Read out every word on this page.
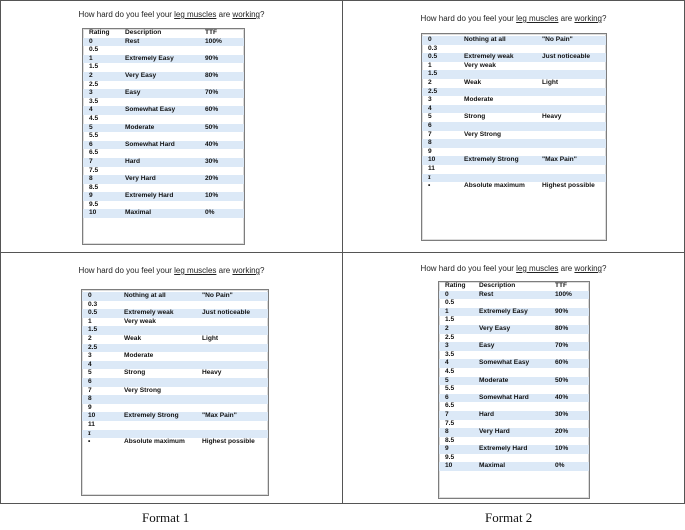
How hard do you feel your leg muscles are working?
Rating	Description	TTF
0	Rest	100%
0.5		
1	Extremely Easy	90%
1.5		
2	Very Easy	80%
2.5		
3	Easy	70%
3.5		
4	Somewhat Easy	60%
4.5		
5	Moderate	50%
5.5		
6	Somewhat Hard	40%
6.5		
7	Hard	30%
7.5		
8	Very Hard	20%
8.5		
9	Extremely Hard	10%
9.5		
10	Maximal	0%
How hard do you feel your leg muscles are working?
0	Nothing at all	"No Pain"
0.3		
0.5	Extremely weak	Just noticeable
1	Very weak	
1.5		
2	Weak	Light
2.5		
3	Moderate	
4		
5	Strong	Heavy
6		
7	Very Strong	
8		
9		
10	Extremely Strong	"Max Pain"
11		
ɪ		
•	Absolute maximum	Highest possible
How hard do you feel your leg muscles are working?
0	Nothing at all	"No Pain"
0.3		
0.5	Extremely weak	Just noticeable
1	Very weak	
1.5		
2	Weak	Light
2.5		
3	Moderate	
4		
5	Strong	Heavy
6		
7	Very Strong	
8		
9		
10	Extremely Strong	"Max Pain"
11		
ɪ		
•	Absolute maximum	Highest possible
How hard do you feel your leg muscles are working?
Rating	Description	TTF
0	Rest	100%
0.5		
1	Extremely Easy	90%
1.5		
2	Very Easy	80%
2.5		
3	Easy	70%
3.5		
4	Somewhat Easy	60%
4.5		
5	Moderate	50%
5.5		
6	Somewhat Hard	40%
6.5		
7	Hard	30%
7.5		
8	Very Hard	20%
8.5		
9	Extremely Hard	10%
9.5		
10	Maximal	0%
Format 1	Format 2
